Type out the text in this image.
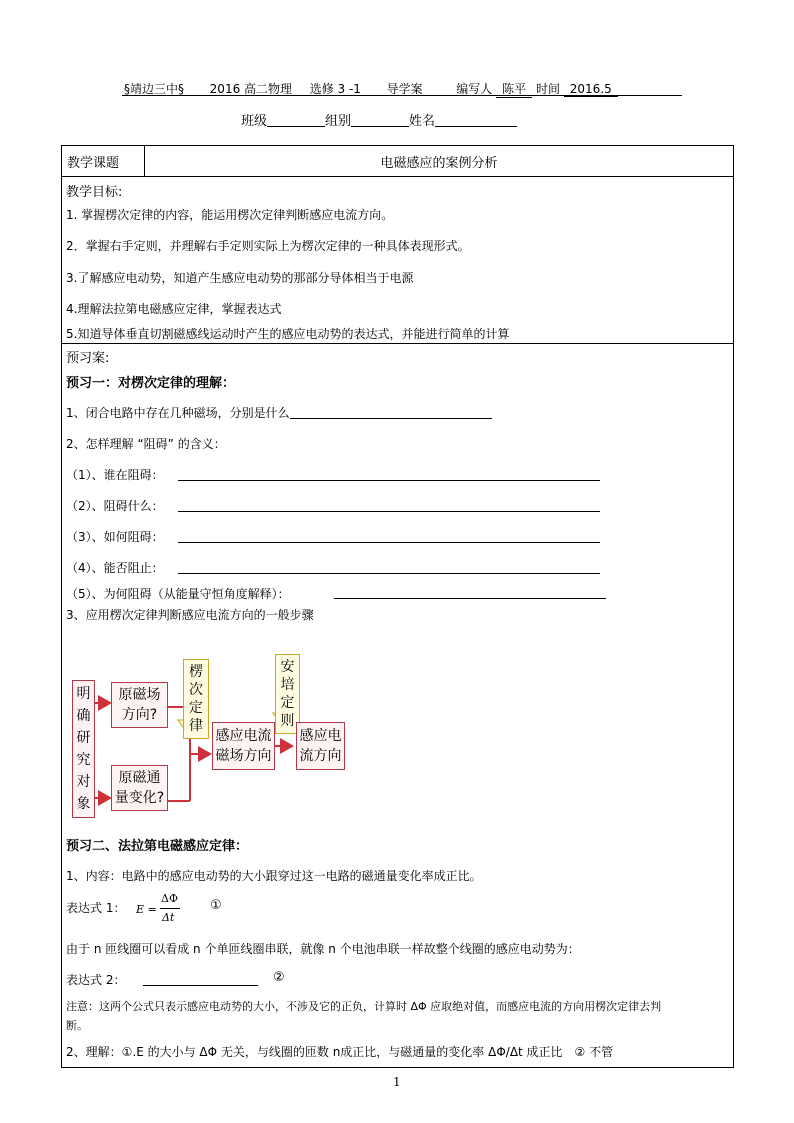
§靖边三中§ 2016 高二物理 选修 3 -1 导学案	编写人 陈平 时间 2016.5
班级	组别	姓名
教学课题	电磁感应的案例分析
教学目标:
1. 掌握楞次定律的内容，能运用楞次定律判断感应电流方向。
2．掌握右手定则，并理解右手定则实际上为楞次定律的一种具体表现形式。
3.了解感应电动势，知道产生感应电动势的那部分导体相当于电源
4.理解法拉第电磁感应定律，掌握表达式
5.知道导体垂直切割磁感线运动时产生的感应电动势的表达式，并能进行简单的计算
预习案:
预习一：对楞次定律的理解：
1、闭合电路中存在几种磁场，分别是什么
2、怎样理解 “阻碍” 的含义：
（1）、谁在阻碍：
（2）、阻碍什么：
（3）、如何阻碍：
（4）、能否阻止：
（5）、为何阻碍（从能量守恒角度解释）：
3、应用楞次定律判断感应电流方向的一般步骤
明
确
研
究
对
象
原磁场
方向?
原磁通
量变化?
楞
次
定
律
感应电流
磁场方向
安
培
定
则
感应电
流方向
预习二、法拉第电磁感应定律：
1、内容：电路中的感应电动势的大小跟穿过这一电路的磁通量变化率成正比。
表达式 1： E =
ΔΦ
Δt
①
由于 n 匝线圈可以看成 n 个单匝线圈串联，就像 n 个电池串联一样故整个线圈的感应电动势为：
表达式 2：	②
注意：这两个公式只表示感应电动势的大小，不涉及它的正负，计算时 ΔΦ 应取绝对值，而感应电流的方向用楞次定律去判
断。
2、理解：①.E 的大小与 ΔΦ 无关，与线圈的匝数 n成正比，与磁通量的变化率 ΔΦ/Δt 成正比　② 不管
1
